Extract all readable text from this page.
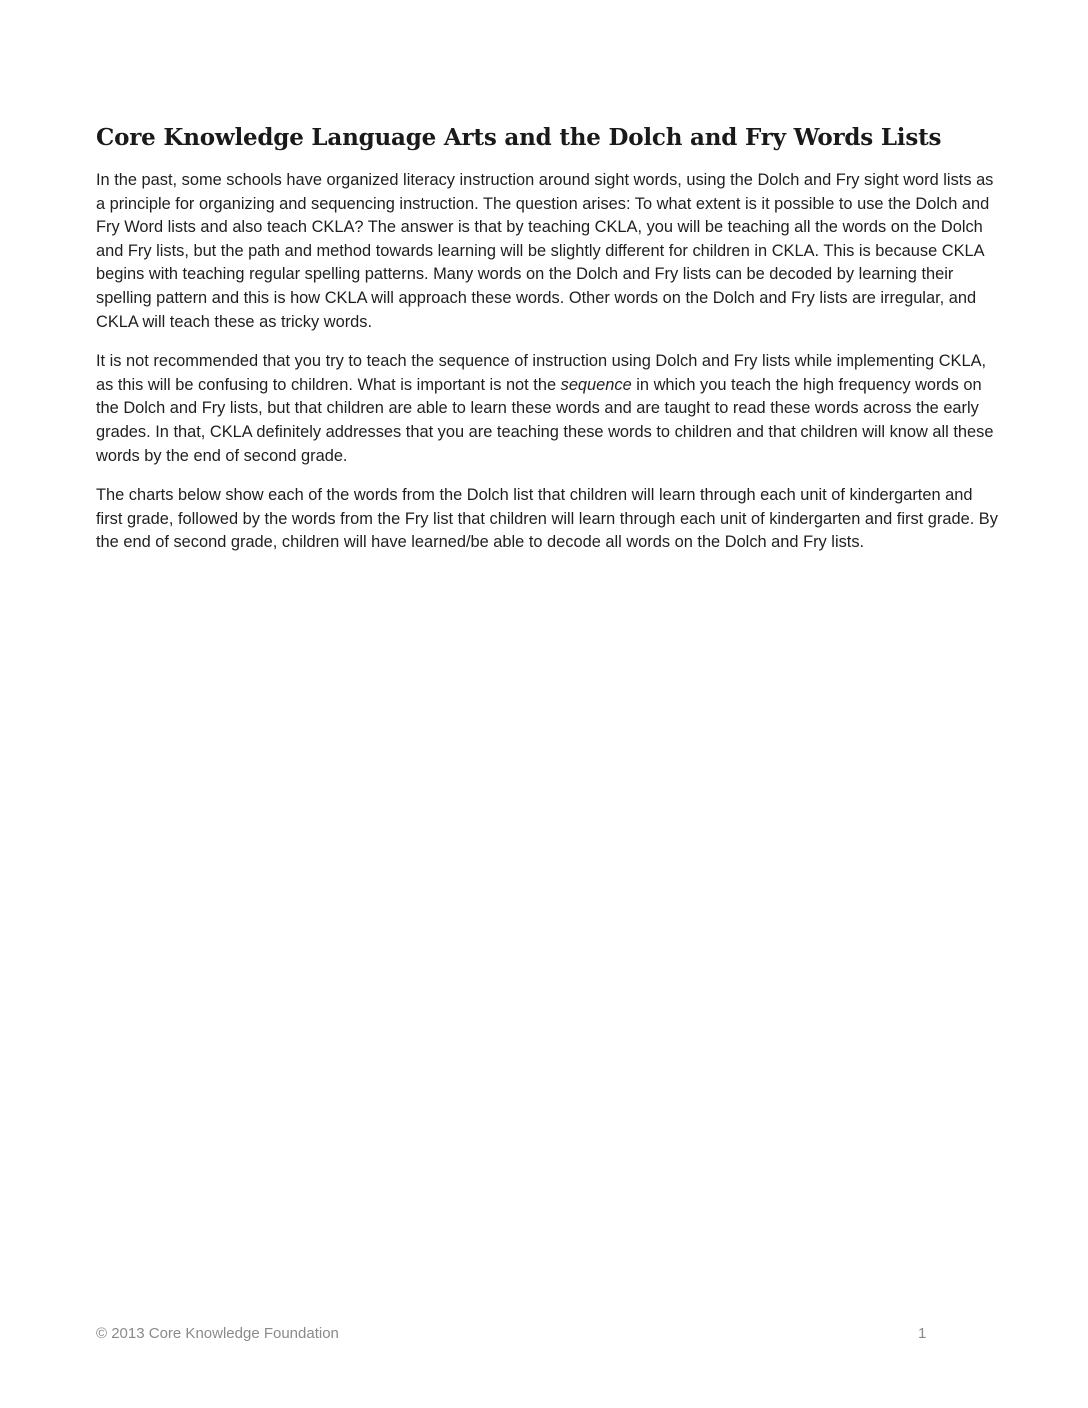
Core Knowledge Language Arts and the Dolch and Fry Words Lists

In the past, some schools have organized literacy instruction around sight words, using the Dolch and Fry sight word lists as a principle for organizing and sequencing instruction. The question arises: To what extent is it possible to use the Dolch and Fry Word lists and also teach CKLA? The answer is that by teaching CKLA, you will be teaching all the words on the Dolch and Fry lists, but the path and method towards learning will be slightly different for children in CKLA. This is because CKLA begins with teaching regular spelling patterns. Many words on the Dolch and Fry lists can be decoded by learning their spelling pattern and this is how CKLA will approach these words. Other words on the Dolch and Fry lists are irregular, and CKLA will teach these as tricky words.

It is not recommended that you try to teach the sequence of instruction using Dolch and Fry lists while implementing CKLA, as this will be confusing to children. What is important is not the sequence in which you teach the high frequency words on the Dolch and Fry lists, but that children are able to learn these words and are taught to read these words across the early grades. In that, CKLA definitely addresses that you are teaching these words to children and that children will know all these words by the end of second grade.

The charts below show each of the words from the Dolch list that children will learn through each unit of kindergarten and first grade, followed by the words from the Fry list that children will learn through each unit of kindergarten and first grade. By the end of second grade, children will have learned/be able to decode all words on the Dolch and Fry lists.

© 2013 Core Knowledge Foundation	1
